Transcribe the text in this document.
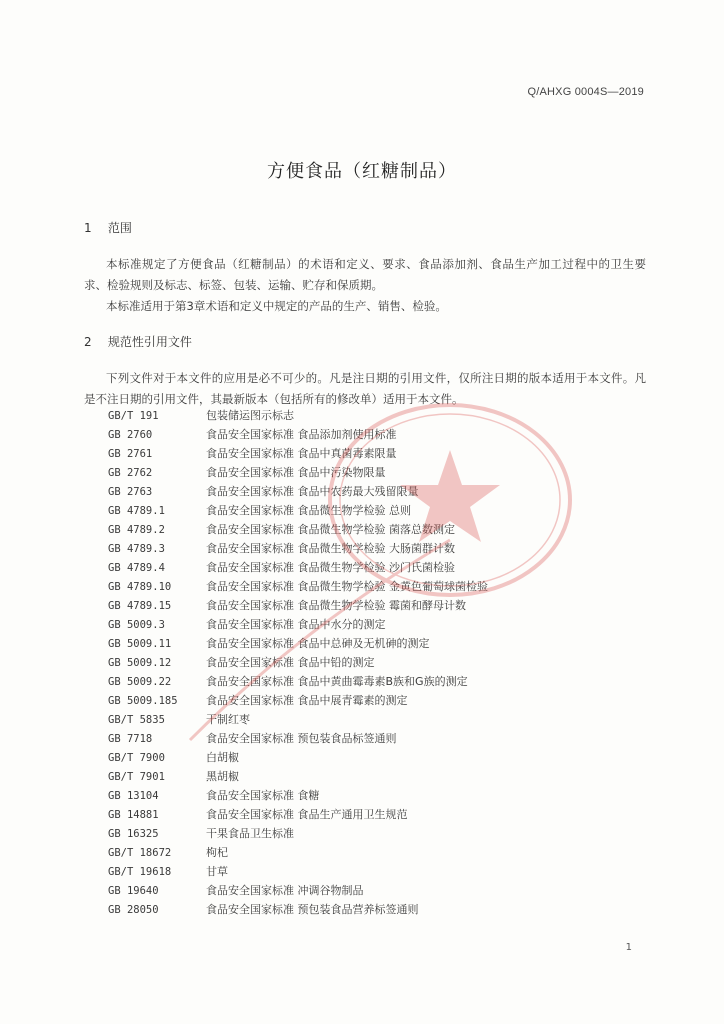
Q/AHXG 0004S—2019
方便食品（红糖制品）
1 范围
本标准规定了方便食品（红糖制品）的术语和定义、要求、食品添加剂、食品生产加工过程中的卫生要求、检验规则及标志、标签、包装、运输、贮存和保质期。
本标准适用于第3章术语和定义中规定的产品的生产、销售、检验。
2 规范性引用文件
下列文件对于本文件的应用是必不可少的。凡是注日期的引用文件，仅所注日期的版本适用于本文件。凡是不注日期的引用文件，其最新版本（包括所有的修改单）适用于本文件。
GB/T 191	包装储运图示标志
GB 2760	食品安全国家标准 食品添加剂使用标准
GB 2761	食品安全国家标准 食品中真菌毒素限量
GB 2762	食品安全国家标准 食品中污染物限量
GB 2763	食品安全国家标准 食品中农药最大残留限量
GB 4789.1	食品安全国家标准 食品微生物学检验 总则
GB 4789.2	食品安全国家标准 食品微生物学检验 菌落总数测定
GB 4789.3	食品安全国家标准 食品微生物学检验 大肠菌群计数
GB 4789.4	食品安全国家标准 食品微生物学检验 沙门氏菌检验
GB 4789.10	食品安全国家标准 食品微生物学检验 金黄色葡萄球菌检验
GB 4789.15	食品安全国家标准 食品微生物学检验 霉菌和酵母计数
GB 5009.3	食品安全国家标准 食品中水分的测定
GB 5009.11	食品安全国家标准 食品中总砷及无机砷的测定
GB 5009.12	食品安全国家标准 食品中铅的测定
GB 5009.22	食品安全国家标准 食品中黄曲霉毒素B族和G族的测定
GB 5009.185	食品安全国家标准 食品中展青霉素的测定
GB/T 5835	干制红枣
GB 7718	食品安全国家标准 预包装食品标签通则
GB/T 7900	白胡椒
GB/T 7901	黑胡椒
GB 13104	食品安全国家标准 食糖
GB 14881	食品安全国家标准 食品生产通用卫生规范
GB 16325	干果食品卫生标准
GB/T 18672	枸杞
GB/T 19618	甘草
GB 19640	食品安全国家标准 冲调谷物制品
GB 28050	食品安全国家标准 预包装食品营养标签通则
1
